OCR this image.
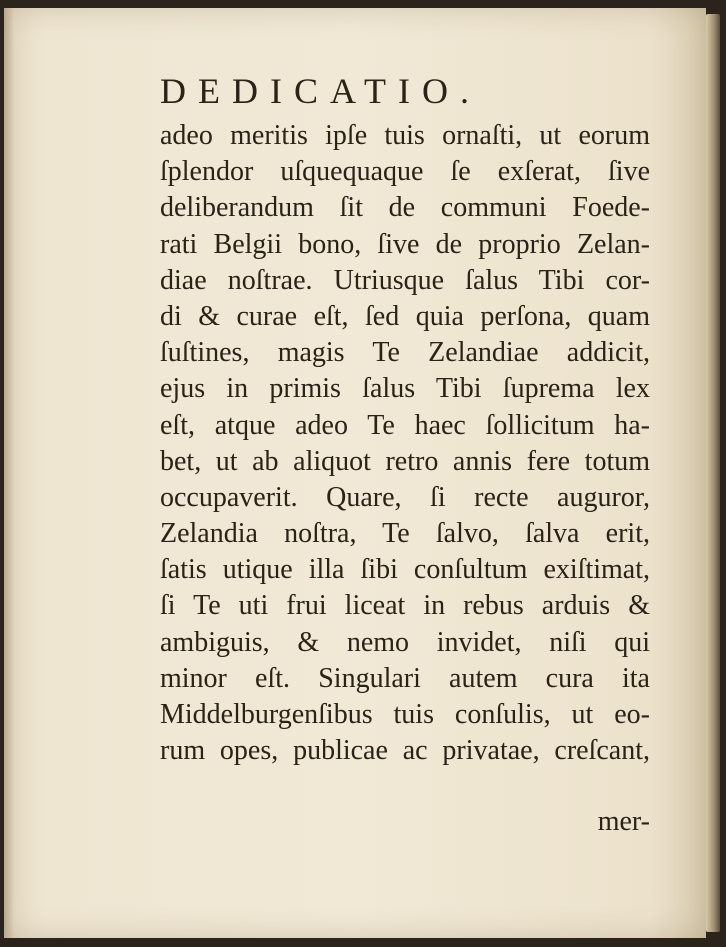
DEDICATIO.
adeo meritis ipſe tuis ornaſti, ut eorum
ſplendor uſquequaque ſe exſerat, ſive
deliberandum ſit de communi Foede-
rati Belgii bono, ſive de proprio Zelan-
diae noſtrae. Utriusque ſalus Tibi cor-
di & curae eſt, ſed quia perſona, quam
ſuſtines, magis Te Zelandiae addicit,
ejus in primis ſalus Tibi ſuprema lex
eſt, atque adeo Te haec ſollicitum ha-
bet, ut ab aliquot retro annis fere totum
occupaverit. Quare, ſi recte auguror,
Zelandia noſtra, Te ſalvo, ſalva erit,
ſatis utique illa ſibi conſultum exiſtimat,
ſi Te uti frui liceat in rebus arduis &
ambiguis, & nemo invidet, niſi qui
minor eſt. Singulari autem cura ita
Middelburgenſibus tuis conſulis, ut eo-
rum opes, publicae ac privatae, creſcant,
mer-
